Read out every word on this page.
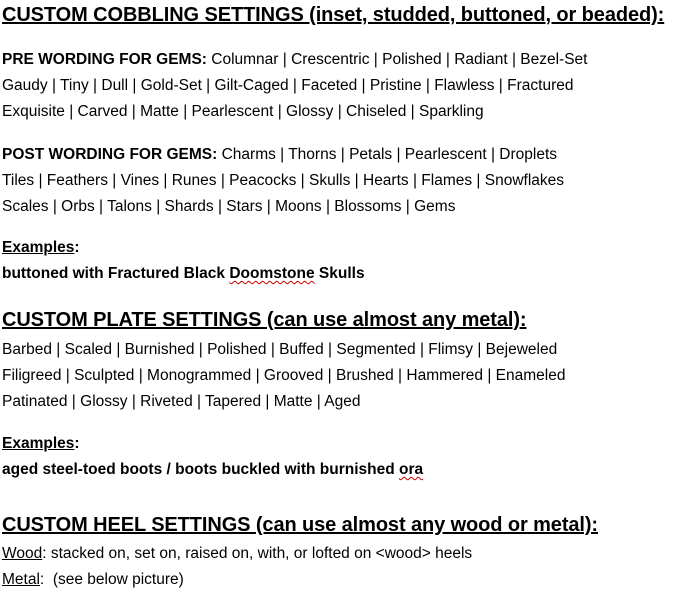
CUSTOM COBBLING SETTINGS (inset, studded, buttoned, or beaded):
PRE WORDING FOR GEMS: Columnar | Crescentric | Polished | Radiant | Bezel-Set
Gaudy | Tiny | Dull | Gold-Set | Gilt-Caged | Faceted | Pristine | Flawless | Fractured
Exquisite | Carved | Matte | Pearlescent | Glossy | Chiseled | Sparkling
POST WORDING FOR GEMS: Charms | Thorns | Petals | Pearlescent | Droplets
Tiles | Feathers | Vines | Runes | Peacocks | Skulls | Hearts | Flames | Snowflakes
Scales | Orbs | Talons | Shards | Stars | Moons | Blossoms | Gems
Examples:
buttoned with Fractured Black Doomstone Skulls
CUSTOM PLATE SETTINGS (can use almost any metal):
Barbed | Scaled | Burnished | Polished | Buffed | Segmented | Flimsy | Bejeweled
Filigreed | Sculpted | Monogrammed | Grooved | Brushed | Hammered | Enameled
Patinated | Glossy | Riveted | Tapered | Matte | Aged
Examples:
aged steel-toed boots / boots buckled with burnished ora
CUSTOM HEEL SETTINGS (can use almost any wood or metal):
Wood: stacked on, set on, raised on, with, or lofted on <wood> heels
Metal:  (see below picture)
